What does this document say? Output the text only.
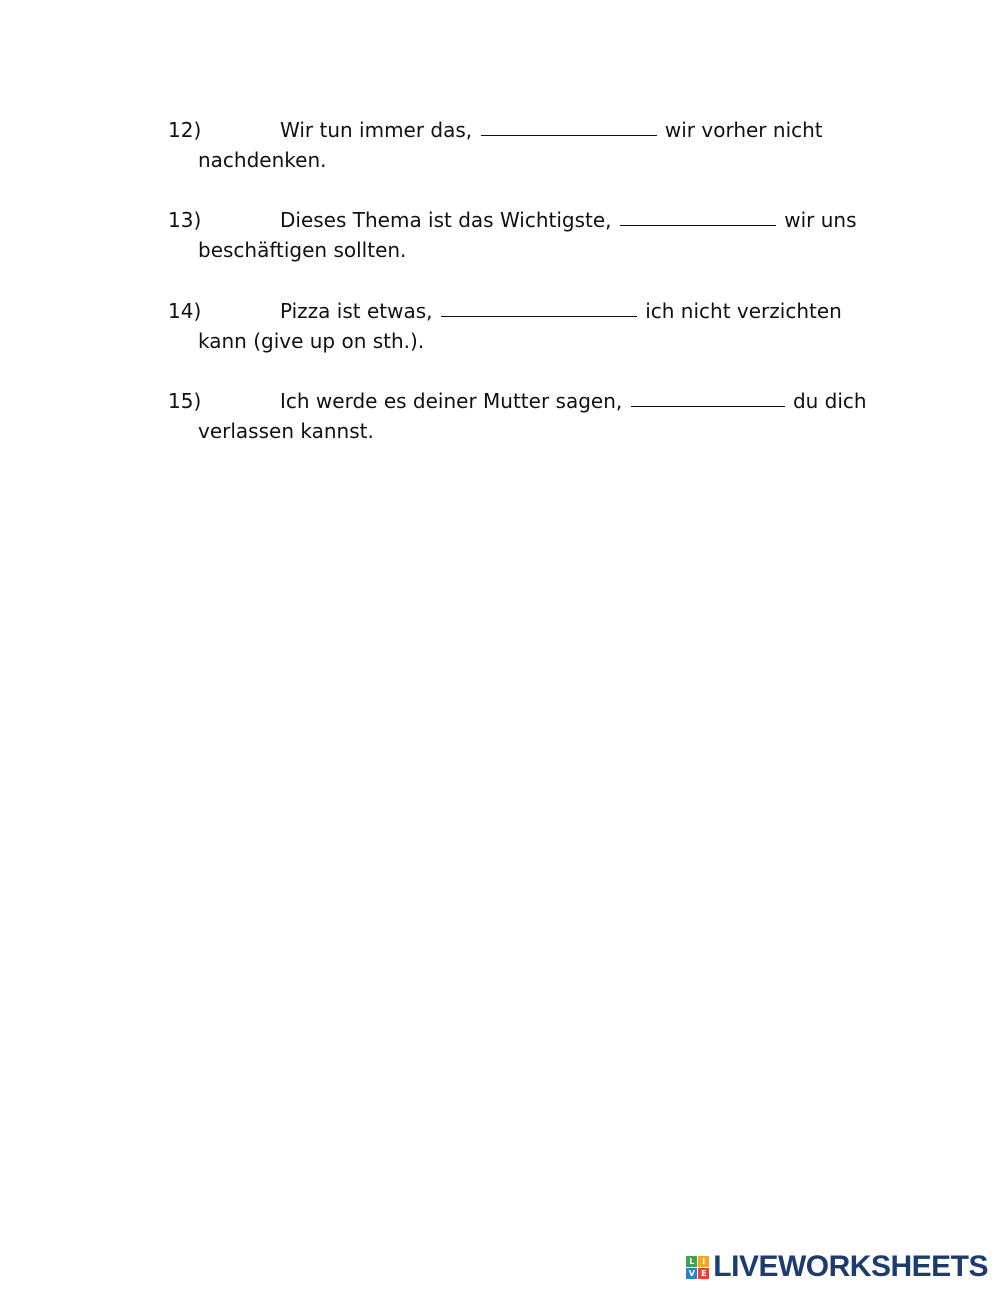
12)	Wir tun immer das,	wir vorher nicht
nachdenken.
13)	Dieses Thema ist das Wichtigste,	wir uns
beschäftigen sollten.
14)	Pizza ist etwas,	ich nicht verzichten
kann (give up on sth.).
15)	Ich werde es deiner Mutter sagen,	du dich
verlassen kannst.
L I
V E LIVEWORKSHEETS
